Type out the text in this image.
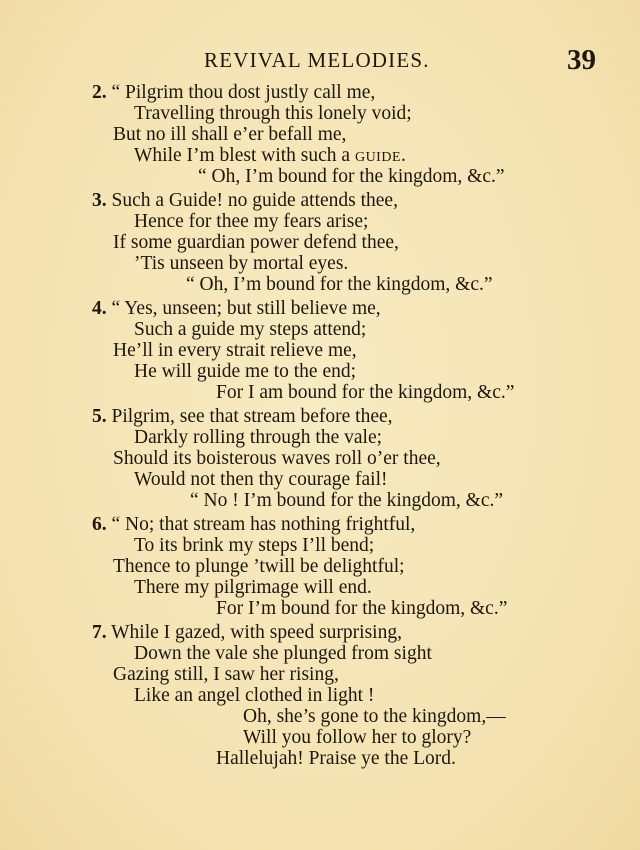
REVIVAL MELODIES.	39
2. “ Pilgrim thou dost justly call me,
Travelling through this lonely void;
But no ill shall e’er befall me,
While I’m blest with such a guide.
“ Oh, I’m bound for the kingdom, &c.”
3. Such a Guide! no guide attends thee,
Hence for thee my fears arise;
If some guardian power defend thee,
’Tis unseen by mortal eyes.
“ Oh, I’m bound for the kingdom, &c.”
4. “ Yes, unseen; but still believe me,
Such a guide my steps attend;
He’ll in every strait relieve me,
He will guide me to the end;
For I am bound for the kingdom, &c.”
5. Pilgrim, see that stream before thee,
Darkly rolling through the vale;
Should its boisterous waves roll o’er thee,
Would not then thy courage fail!
“ No ! I’m bound for the kingdom, &c.”
6. “ No; that stream has nothing frightful,
To its brink my steps I’ll bend;
Thence to plunge ’twill be delightful;
There my pilgrimage will end.
For I’m bound for the kingdom, &c.”
7. While I gazed, with speed surprising,
Down the vale she plunged from sight
Gazing still, I saw her rising,
Like an angel clothed in light !
Oh, she’s gone to the kingdom,—
Will you follow her to glory?
Hallelujah! Praise ye the Lord.
